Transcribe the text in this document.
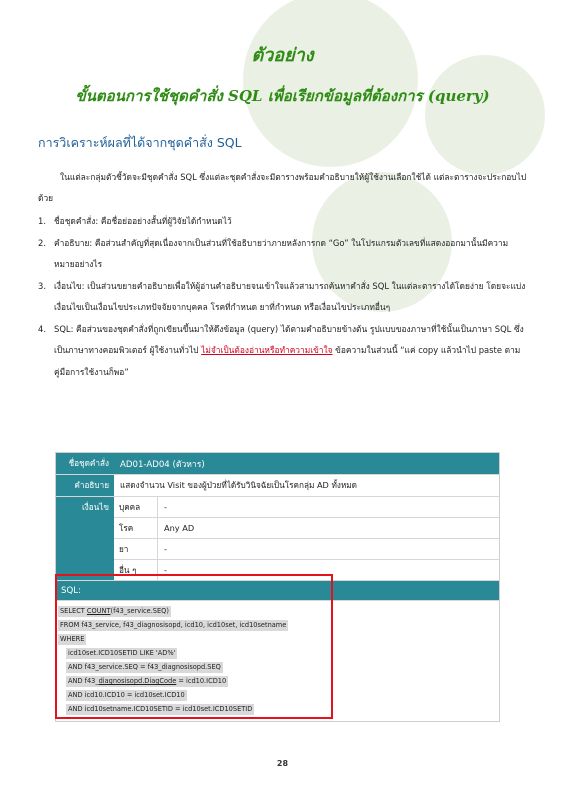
ตัวอย่าง
ขั้นตอนการใช้ชุดคำสั่ง SQL เพื่อเรียกข้อมูลที่ต้องการ (query)
การวิเคราะห์ผลที่ได้จากชุดคำสั่ง SQL
ในแต่ละกลุ่มตัวชี้วัดจะมีชุดคำสั่ง SQL ซึ่งแต่ละชุดคำสั่งจะมีตารางพร้อมคำอธิบายให้ผู้ใช้งานเลือกใช้ได้ แต่ละตารางจะประกอบไปด้วย
1. ชื่อชุดคำสั่ง: คือชื่อย่ออย่างสั้นที่ผู้วิจัยได้กำหนดไว้
2. คำอธิบาย: คือส่วนสำคัญที่สุดเนื่องจากเป็นส่วนที่ใช้อธิบายว่าภายหลังการกด “Go” ในโปรแกรมตัวเลขที่แสดงออกมานั้นมีความหมายอย่างไร
3. เงื่อนไข: เป็นส่วนขยายคำอธิบายเพื่อให้ผู้อ่านคำอธิบายจนเข้าใจแล้วสามารถค้นหาคำสั่ง SQL ในแต่ละตารางได้โดยง่าย โดยจะแบ่งเงื่อนไขเป็นเงื่อนไขประเภทปัจจัยจากบุคคล โรคที่กำหนด ยาที่กำหนด หรือเงื่อนไขประเภทอื่นๆ
4. SQL: คือส่วนของชุดคำสั่งที่ถูกเขียนขึ้นมาให้ดึงข้อมูล (query) ได้ตามคำอธิบายข้างต้น รูปแบบของภาษาที่ใช้นั้นเป็นภาษา SQL ซึ่งเป็นภาษาทางคอมพิวเตอร์ ผู้ใช้งานทั่วไป ไม่จำเป็นต้องอ่านหรือทำความเข้าใจ ข้อความในส่วนนี้ “แค่ copy แล้วนำไป paste ตามคู่มือการใช้งานก็พอ”
ชื่อชุดคำสั่ง	AD01-AD04 (ตัวหาร)
คำอธิบาย	แสดงจำนวน Visit ของผู้ป่วยที่ได้รับวินิจฉัยเป็นโรคกลุ่ม AD ทั้งหมด
เงื่อนไข	บุคคล	-
โรค	Any AD
ยา	-
อื่น ๆ	-
SQL:
SELECT COUNT(f43_service.SEQ)
FROM f43_service, f43_diagnosisopd, icd10, icd10set, icd10setname
WHERE
icd10set.ICD10SETID LIKE 'AD%'
AND f43_service.SEQ = f43_diagnosisopd.SEQ
AND f43_diagnosisopd.DiagCode = icd10.ICD10
AND icd10.ICD10 = icd10set.ICD10
AND icd10setname.ICD10SETID = icd10set.ICD10SETID
28
